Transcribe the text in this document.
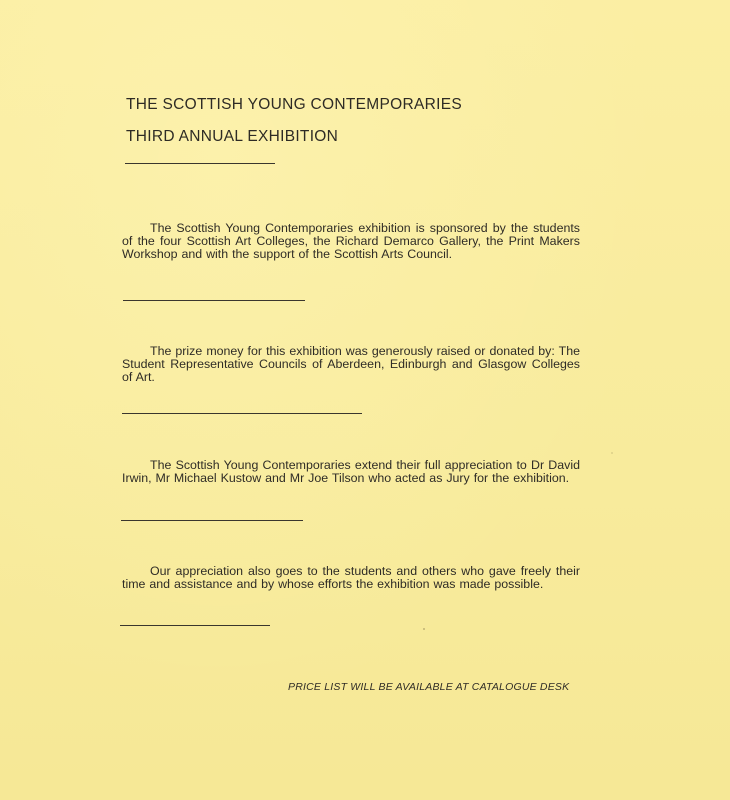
THE SCOTTISH YOUNG CONTEMPORARIES
THIRD ANNUAL EXHIBITION
The Scottish Young Contemporaries exhibition is sponsored by the students of the four Scottish Art Colleges, the Richard Demarco Gallery, the Print Makers Workshop and with the support of the Scottish Arts Council.
The prize money for this exhibition was generously raised or donated by: The Student Representative Councils of Aberdeen, Edinburgh and Glasgow Colleges of Art.
The Scottish Young Contemporaries extend their full appreciation to Dr David Irwin, Mr Michael Kustow and Mr Joe Tilson who acted as Jury for the exhibition.
Our appreciation also goes to the students and others who gave freely their time and assistance and by whose efforts the exhibition was made possible.
PRICE LIST WILL BE AVAILABLE AT CATALOGUE DESK
